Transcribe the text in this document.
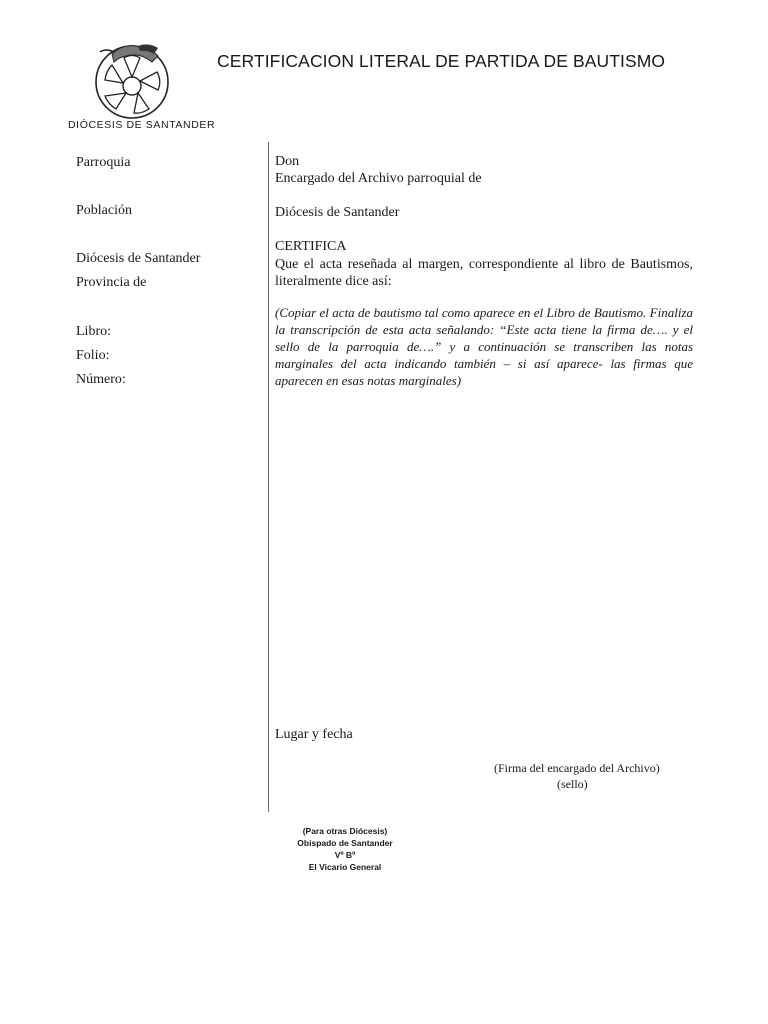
DIÓCESIS DE SANTANDER
CERTIFICACION LITERAL DE PARTIDA DE BAUTISMO
Parroquia
Población
Diócesis de Santander
Provincia de
Libro:
Folio:
Número:
Don
Encargado del Archivo parroquial de
Diócesis de Santander
CERTIFICA
Que el acta reseñada al margen, correspondiente al libro de Bautismos, literalmente dice así:
(Copiar el acta de bautismo tal como aparece en el Libro de Bautismo. Finaliza la transcripción de esta acta señalando: “Este acta tiene la firma de…. y el sello de la parroquia de….” y a continuación se transcriben las notas marginales del acta indicando también – si así aparece- las firmas que aparecen en esas notas marginales)
Lugar y fecha
(Firma del encargado del Archivo)
(sello)
(Para otras Diócesis)
Obispado de Santander
Vº Bº
El Vicario General
